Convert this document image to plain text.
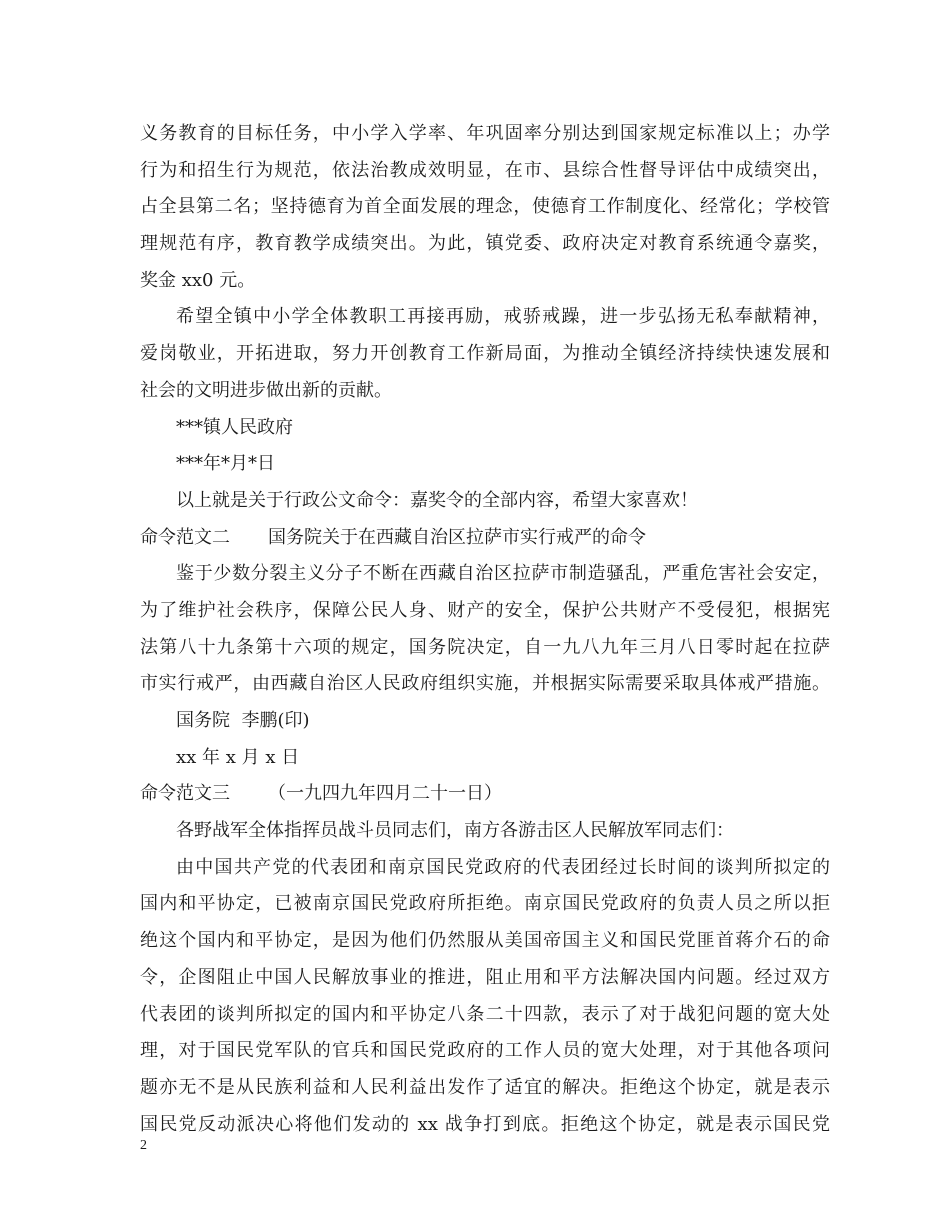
义务教育的目标任务，中小学入学率、年巩固率分别达到国家规定标准以上；办学
行为和招生行为规范，依法治教成效明显，在市、县综合性督导评估中成绩突出，
占全县第二名；坚持德育为首全面发展的理念，使德育工作制度化、经常化；学校管
理规范有序，教育教学成绩突出。为此，镇党委、政府决定对教育系统通令嘉奖，
奖金 xx0 元。
希望全镇中小学全体教职工再接再励，戒骄戒躁，进一步弘扬无私奉献精神，
爱岗敬业，开拓进取，努力开创教育工作新局面，为推动全镇经济持续快速发展和
社会的文明进步做出新的贡献。
***镇人民政府
***年*月*日
以上就是关于行政公文命令：嘉奖令的全部内容，希望大家喜欢！
命令范文二 国务院关于在西藏自治区拉萨市实行戒严的命令
鉴于少数分裂主义分子不断在西藏自治区拉萨市制造骚乱，严重危害社会安定，
为了维护社会秩序，保障公民人身、财产的安全，保护公共财产不受侵犯，根据宪
法第八十九条第十六项的规定，国务院决定，自一九八九年三月八日零时起在拉萨
市实行戒严，由西藏自治区人民政府组织实施，并根据实际需要采取具体戒严措施。
国务院  李鹏(印)
xx 年 x 月 x 日
命令范文三 （一九四九年四月二十一日）
各野战军全体指挥员战斗员同志们，南方各游击区人民解放军同志们：
由中国共产党的代表团和南京国民党政府的代表团经过长时间的谈判所拟定的
国内和平协定，已被南京国民党政府所拒绝。南京国民党政府的负责人员之所以拒
绝这个国内和平协定，是因为他们仍然服从美国帝国主义和国民党匪首蒋介石的命
令，企图阻止中国人民解放事业的推进，阻止用和平方法解决国内问题。经过双方
代表团的谈判所拟定的国内和平协定八条二十四款，表示了对于战犯问题的宽大处
理，对于国民党军队的官兵和国民党政府的工作人员的宽大处理，对于其他各项问
题亦无不是从民族利益和人民利益出发作了适宜的解决。拒绝这个协定，就是表示
国民党反动派决心将他们发动的 xx 战争打到底。拒绝这个协定，就是表示国民党
2
